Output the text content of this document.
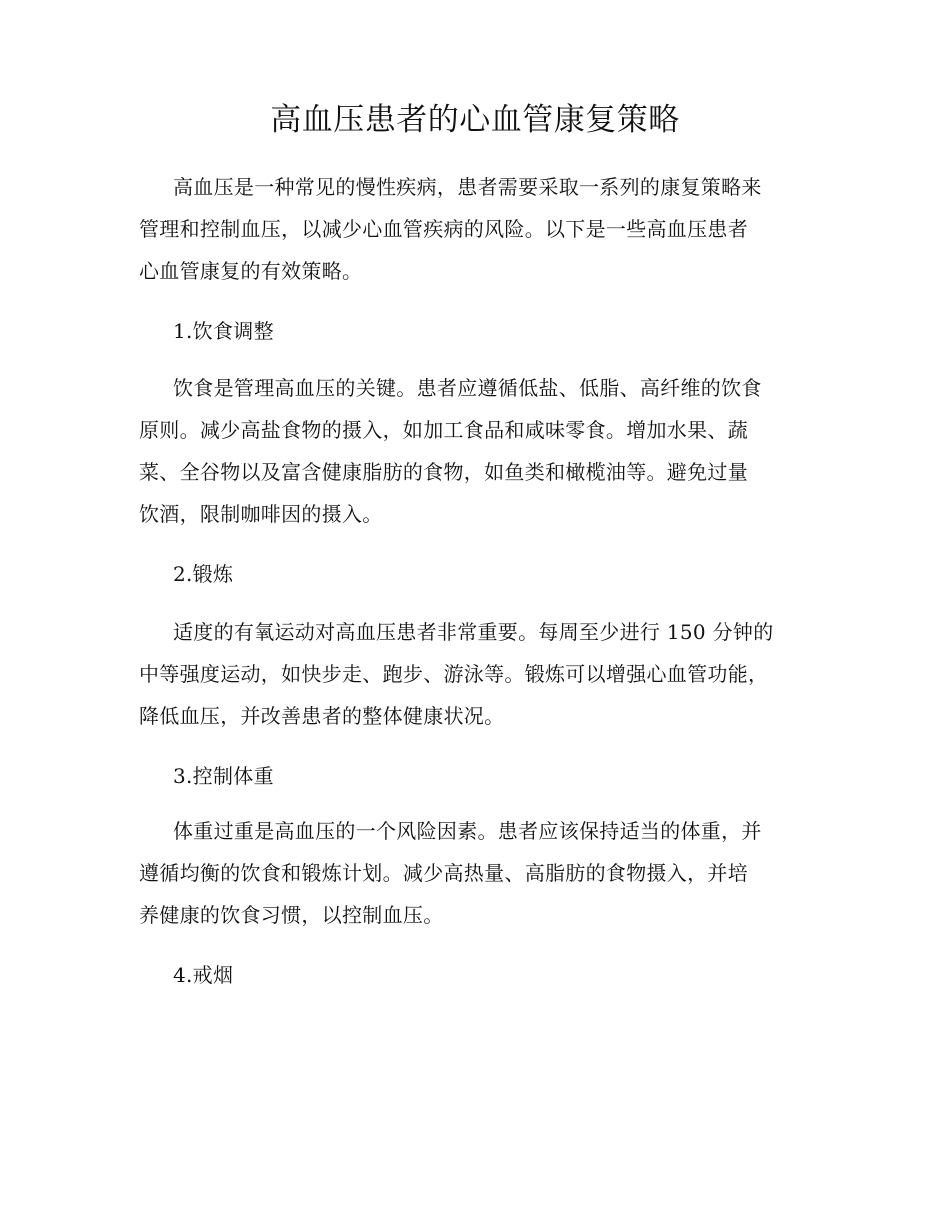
高血压患者的心血管康复策略
高血压是一种常见的慢性疾病，患者需要采取一系列的康复策略来
管理和控制血压，以减少心血管疾病的风险。以下是一些高血压患者
心血管康复的有效策略。
1.饮食调整
饮食是管理高血压的关键。患者应遵循低盐、低脂、高纤维的饮食
原则。减少高盐食物的摄入，如加工食品和咸味零食。增加水果、蔬
菜、全谷物以及富含健康脂肪的食物，如鱼类和橄榄油等。避免过量
饮酒，限制咖啡因的摄入。
2.锻炼
适度的有氧运动对高血压患者非常重要。每周至少进行 150 分钟的
中等强度运动，如快步走、跑步、游泳等。锻炼可以增强心血管功能，
降低血压，并改善患者的整体健康状况。
3.控制体重
体重过重是高血压的一个风险因素。患者应该保持适当的体重，并
遵循均衡的饮食和锻炼计划。减少高热量、高脂肪的食物摄入，并培
养健康的饮食习惯，以控制血压。
4.戒烟
